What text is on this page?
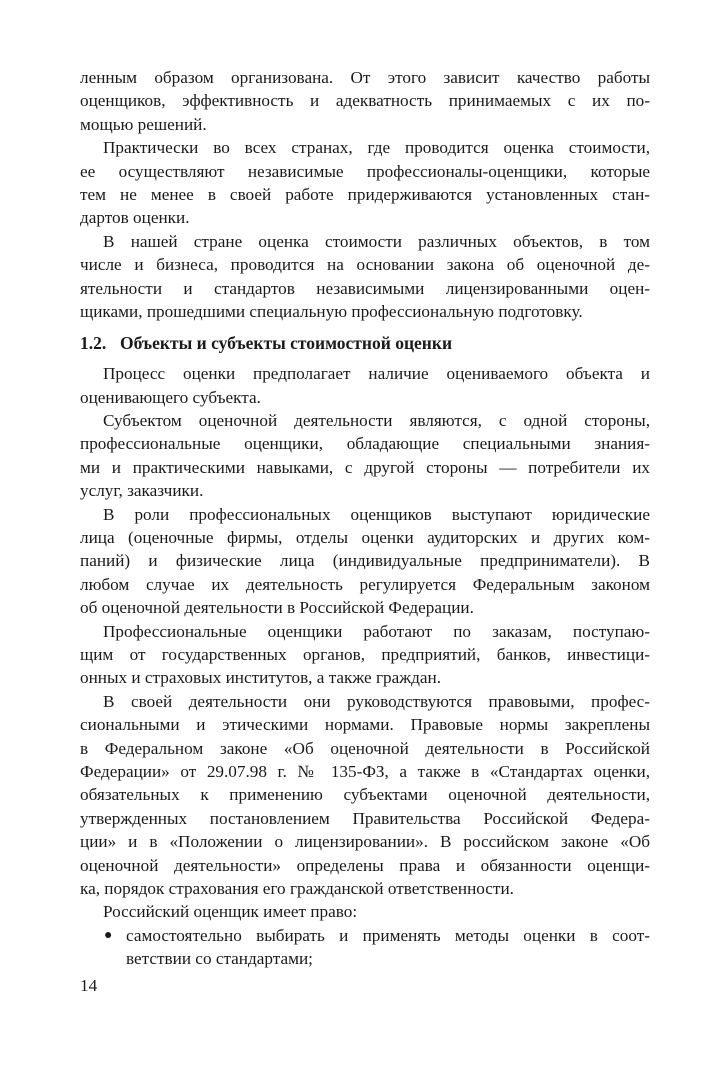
ленным образом организована. От этого зависит качество работы
оценщиков, эффективность и адекватность принимаемых с их по-
мощью решений.
Практически во всех странах, где проводится оценка стоимости,
ее осуществляют независимые профессионалы-оценщики, которые
тем не менее в своей работе придерживаются установленных стан-
дартов оценки.
В нашей стране оценка стоимости различных объектов, в том
числе и бизнеса, проводится на основании закона об оценочной де-
ятельности и стандартов независимыми лицензированными оцен-
щиками, прошедшими специальную профессиональную подготовку.
1.2. Объекты и субъекты стоимостной оценки
Процесс оценки предполагает наличие оцениваемого объекта и
оценивающего субъекта.
Субъектом оценочной деятельности являются, с одной стороны,
профессиональные оценщики, обладающие специальными знания-
ми и практическими навыками, с другой стороны — потребители их
услуг, заказчики.
В роли профессиональных оценщиков выступают юридические
лица (оценочные фирмы, отделы оценки аудиторских и других ком-
паний) и физические лица (индивидуальные предприниматели). В
любом случае их деятельность регулируется Федеральным законом
об оценочной деятельности в Российской Федерации.
Профессиональные оценщики работают по заказам, поступаю-
щим от государственных органов, предприятий, банков, инвестици-
онных и страховых институтов, а также граждан.
В своей деятельности они руководствуются правовыми, профес-
сиональными и этическими нормами. Правовые нормы закреплены
в Федеральном законе «Об оценочной деятельности в Российской
Федерации» от 29.07.98 г. № 135-ФЗ, а также в «Стандартах оценки,
обязательных к применению субъектами оценочной деятельности,
утвержденных постановлением Правительства Российской Федера-
ции» и в «Положении о лицензировании». В российском законе «Об
оценочной деятельности» определены права и обязанности оценщи-
ка, порядок страхования его гражданской ответственности.
Российский оценщик имеет право:
● самостоятельно выбирать и применять методы оценки в соот-
ветствии со стандартами;
14
